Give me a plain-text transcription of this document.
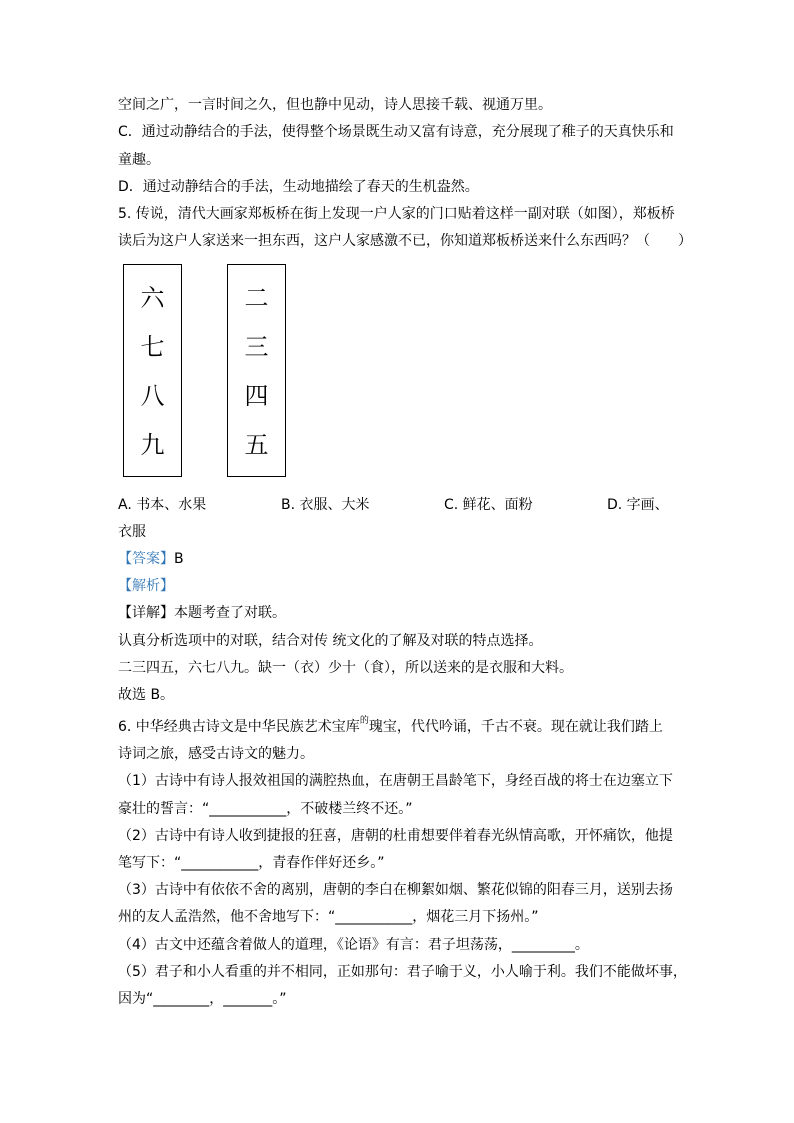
空间之广，一言时间之久，但也静中见动，诗人思接千载、视通万里。
C．通过动静结合的手法，使得整个场景既生动又富有诗意，充分展现了稚子的天真快乐和
童趣。
D．通过动静结合的手法，生动地描绘了春天的生机盎然。
5. 传说，清代大画家郑板桥在街上发现一户人家的门口贴着这样一副对联（如图），郑板桥
读后为这户人家送来一担东西，这户人家感激不已，你知道郑板桥送来什么东西吗？（　　）
六
七
八
九
二
三
四
五
A. 书本、水果	B. 衣服、大米	C. 鲜花、面粉	D. 字画、
衣服
【答案】B
【解析】
【详解】本题考查了对联。
认真分析选项中的对联，结合对传 统文化的了解及对联的特点选择。
二三四五，六七八九。缺一（衣）少十（食），所以送来的是衣服和大料。
故选 B。
6. 中华经典古诗文是中华民族艺术宝库$^的$瑰宝，代代吟诵，千古不衰。现在就让我们踏上
诗词之旅，感受古诗文的魅力。
（1）古诗中有诗人报效祖国的满腔热血，在唐朝王昌龄笔下，身经百战的将士在边塞立下
豪壮的誓言：“___________，不破楼兰终不还。”
（2）古诗中有诗人收到捷报的狂喜，唐朝的杜甫想要伴着春光纵情高歌，开怀痛饮，他提
笔写下：“___________，青春作伴好还乡。”
（3）古诗中有依依不舍的离别，唐朝的李白在柳絮如烟、繁花似锦的阳春三月，送别去扬
州的友人孟浩然，他不舍地写下：“___________，烟花三月下扬州。”
（4）古文中还蕴含着做人的道理，《论语》有言：君子坦荡荡，_________。
（5）君子和小人看重的并不相同，正如那句：君子喻于义，小人喻于利。我们不能做坏事，
因为“________，_______。”
